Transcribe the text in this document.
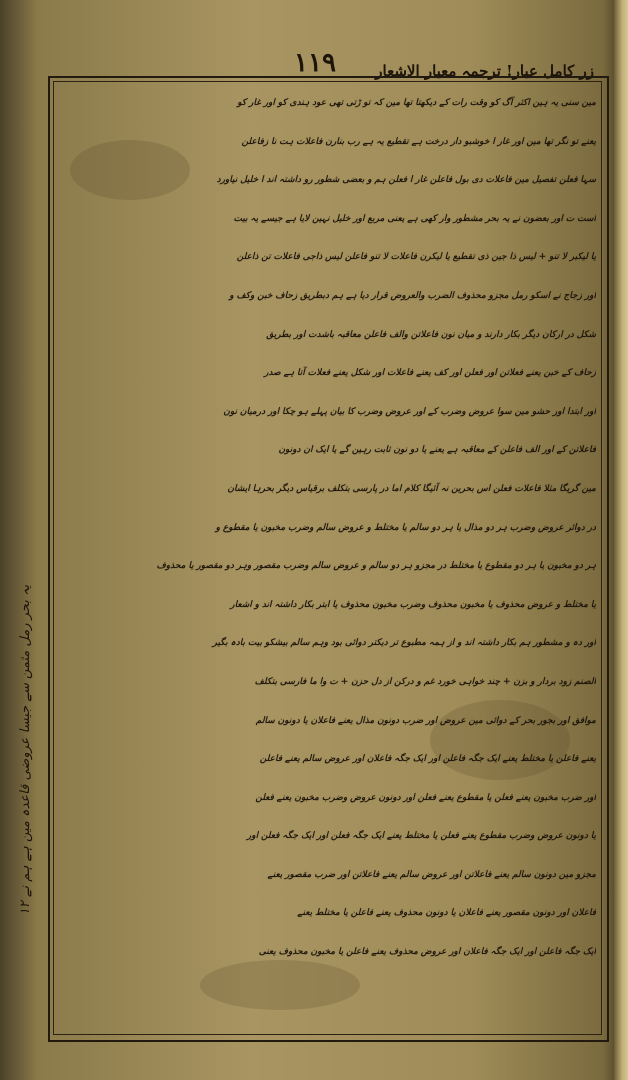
۱۱۹	زر کامل عیار! ترجمہ معیار الاشعار
مین سنی یہ ہین اکثر آگ کو وقت رات کے دیکھتا تھا مین کہ تو ڑتی تھی عود ہندی کو اور غار کو
یعنے تو نگر تھا مین اور غار ا خوشبو دار درخت ہے تقطیع یہ ہے رب بنارن فاعلات ہت نا زفاعلن
سہا فعلن تفصیل مین فاعلات دی بول فاعلن غار ا فعلن ہم و بعضی شطور رو داشتہ اند ا خلیل نیاورد
است ت اور بعضون نے یہ بحر مشطور وار کھی ہے یعنی مربع اور خلیل نہین لایا ہے جیسے یہ بیت
یا لیکبر لا تنو + لیس ذا جین ذی تقطیع یا لیکرن فاعلات لا تنو فاعلن لیس ذاجی فاعلات تن ذاعلن
اور زجاج نے اسکو رمل مجزو محذوف الضرب والعروض قرار دیا ہے ہم دبطریق زحاف خبن وکف و
شکل در ارکان دیگر بکار دارند و میان نون فاعلاتن والف فاعلن معاقبہ باشدت اور بطریق
زحاف کے خبن یعنے فعلاتن اور فعلن اور کف یعنے فاعلات اور شکل یعنے فعلات آتا ہے صدر
اور ابتدا اور حشو مین سوا عروض وضرب کے اور عروض وضرب کا بیان پہلے ہو چکا اور درمیان نون
فاعلاتن کے اور الف فاعلن کے معاقبہ ہے یعنے یا دو نون ثابت رہین گے یا ایک ان دونون
مین گریگا مثلا فاعلات فعلن اس بحرین نہ آئیگا کلام اما در پارسی بتکلف برقیاس دیگر بحرہا ایشان
در دوائر عروض وضرب ہر دو مذال یا ہر دو سالم یا مختلط و عروض سالم وضرب مخبون یا مقطوع و
ہر دو مخبون یا ہر دو مقطوع یا مختلط در مجزو ہر دو سالم و عروض سالم وضرب مقصور وہر دو مقصور یا محذوف
یا مختلط و عروض محذوف یا مخبون محذوف وضرب مخبون محذوف یا ابتر بکار داشتہ اند و اشعار
اور دہ و مشطور ہم بکار داشتہ اند و از ہمہ مطبوع تر دیکتر دوائی بود وہم سالم بیشکو بیت بادہ بگیر
الصنم زود بردار و بزن + چند خواہی خورد غم و درکن از دل حزن + ت وا ما فارسی بتکلف
موافق اور بجور بحر کے دوائی مین عروض اور ضرب دونون مذال یعنے فاعلان یا دونون سالم
یعنے فاعلن یا مختلط یعنے ایک جگہ فاعلن اور ایک جگہ فاعلان اور عروض سالم یعنے فاعلن
اور ضرب مخبون یعنے فعلن یا مقطوع یعنے فعلن اور دونون عروض وضرب مخبون یعنے فعلن
یا دونون عروض وضرب مقطوع یعنے فعلن یا مختلط یعنے ایک جگہ فعلن اور ایک جگہ فعلن اور
مجزو مین دونون سالم یعنے فاعلاتن اور عروض سالم یعنے فاعلاتن اور ضرب مقصور یعنے
فاعلان اور دونون مقصور یعنے فاعلان یا دونون محذوف یعنے فاعلن یا مختلط یعنے
ایک جگہ فاعلن اور ایک جگہ فاعلان اور عروض محذوف یعنے فاعلن یا مخبون محذوف یعنی
یہ بحر رمل مثمن سے جیسا عروضی قاعدہ مین ہے ہم نے ۱۲
